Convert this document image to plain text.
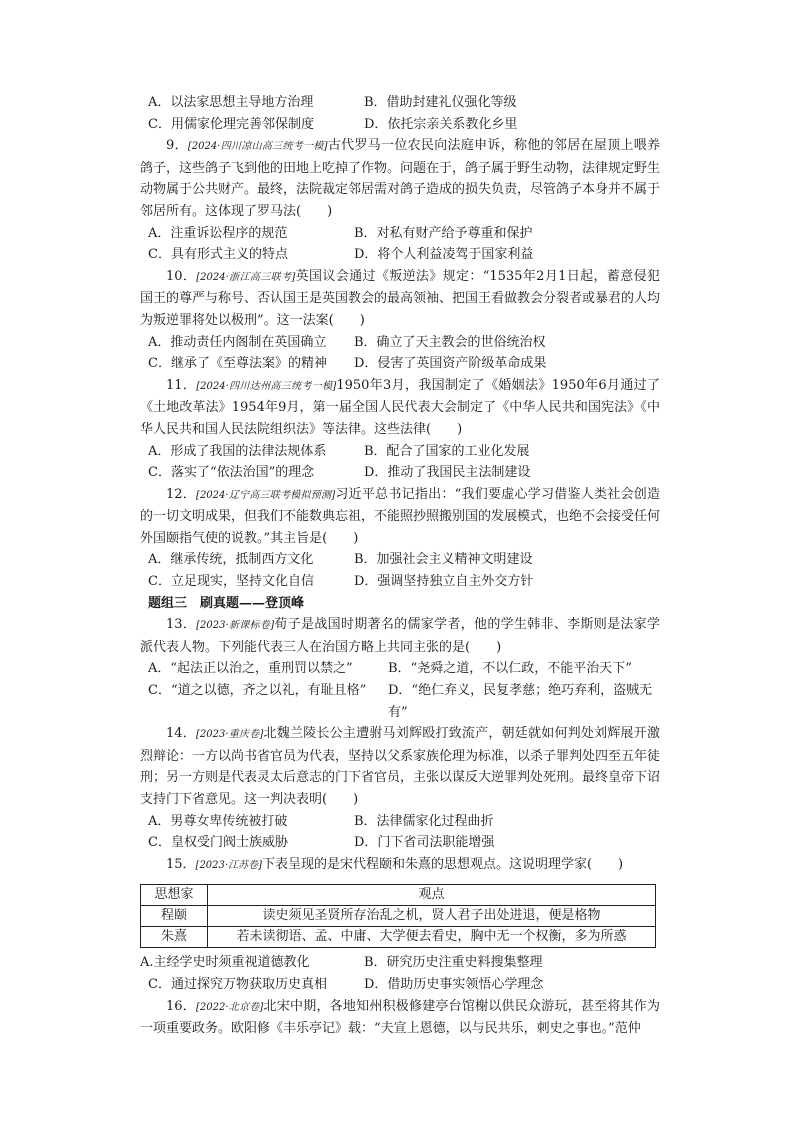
A．以法家思想主导地方治理	B．借助封建礼仪强化等级
C．用儒家伦理完善邻保制度	D．依托宗亲关系教化乡里

9．[2024·四川凉山高三统考一模]古代罗马一位农民向法庭申诉，称他的邻居在屋顶上喂养鸽子，这些鸽子飞到他的田地上吃掉了作物。问题在于，鸽子属于野生动物，法律规定野生动物属于公共财产。最终，法院裁定邻居需对鸽子造成的损失负责，尽管鸽子本身并不属于邻居所有。这体现了罗马法(　　)

A．注重诉讼程序的规范	B．对私有财产给予尊重和保护
C．具有形式主义的特点	D．将个人利益凌驾于国家利益

10．[2024·浙江高三联考]英国议会通过《叛逆法》规定：“1535年2月1日起，蓄意侵犯国王的尊严与称号、否认国王是英国教会的最高领袖、把国王看做教会分裂者或暴君的人均为叛逆罪将处以极刑”。这一法案(　　)

A．推动责任内阁制在英国确立	B．确立了天主教会的世俗统治权
C．继承了《至尊法案》的精神	D．侵害了英国资产阶级革命成果

11．[2024·四川达州高三统考一模]1950年3月，我国制定了《婚姻法》1950年6月通过了《土地改革法》1954年9月，第一届全国人民代表大会制定了《中华人民共和国宪法》《中华人民共和国人民法院组织法》等法律。这些法律(　　)

A．形成了我国的法律法规体系	B．配合了国家的工业化发展
C．落实了“依法治国”的理念	D．推动了我国民主法制建设

12．[2024·辽宁高三联考模拟预测]习近平总书记指出：“我们要虚心学习借鉴人类社会创造的一切文明成果，但我们不能数典忘祖，不能照抄照搬别国的发展模式，也绝不会接受任何外国颐指气使的说教。”其主旨是(　　)

A．继承传统，抵制西方文化	B．加强社会主义精神文明建设
C．立足现实，坚持文化自信	D．强调坚持独立自主外交方针
题组三　刷真题——登顶峰

13．[2023·新课标卷]荀子是战国时期著名的儒家学者，他的学生韩非、李斯则是法家学派代表人物。下列能代表三人在治国方略上共同主张的是(　　)

A．“起法正以治之，重刑罚以禁之”	B．“尧舜之道，不以仁政，不能平治天下”
C．“道之以德，齐之以礼，有耻且格”	D．“绝仁弃义，民复孝慈；绝巧弃利，盗贼无有”

14．[2023·重庆卷]北魏兰陵长公主遭驸马刘辉殴打致流产，朝廷就如何判处刘辉展开激烈辩论：一方以尚书省官员为代表，坚持以父系家族伦理为标准，以杀子罪判处四至五年徒刑；另一方则是代表灵太后意志的门下省官员，主张以谋反大逆罪判处死刑。最终皇帝下诏支持门下省意见。这一判决表明(　　)

A．男尊女卑传统被打破	B．法律儒家化过程曲折
C．皇权受门阀士族威胁	D．门下省司法职能增强

15．[2023·江苏卷]下表呈现的是宋代程颐和朱熹的思想观点。这说明理学家(　　)

思想家	观点
程颐	读史须见圣贤所存治乱之机，贤人君子出处进退，便是格物
朱熹	若未读彻语、孟、中庸、大学便去看史，胸中无一个权衡，多为所惑
A.主经学史时须重视道德教化	B．研究历史注重史料搜集整理
C．通过探究万物获取历史真相	D．借助历史事实领悟心学理念

16．[2022·北京卷]北宋中期，各地知州积极修建亭台馆榭以供民众游玩，甚至将其作为一项重要政务。欧阳修《丰乐亭记》载：“夫宣上恩德，以与民共乐，刺史之事也。”范仲
